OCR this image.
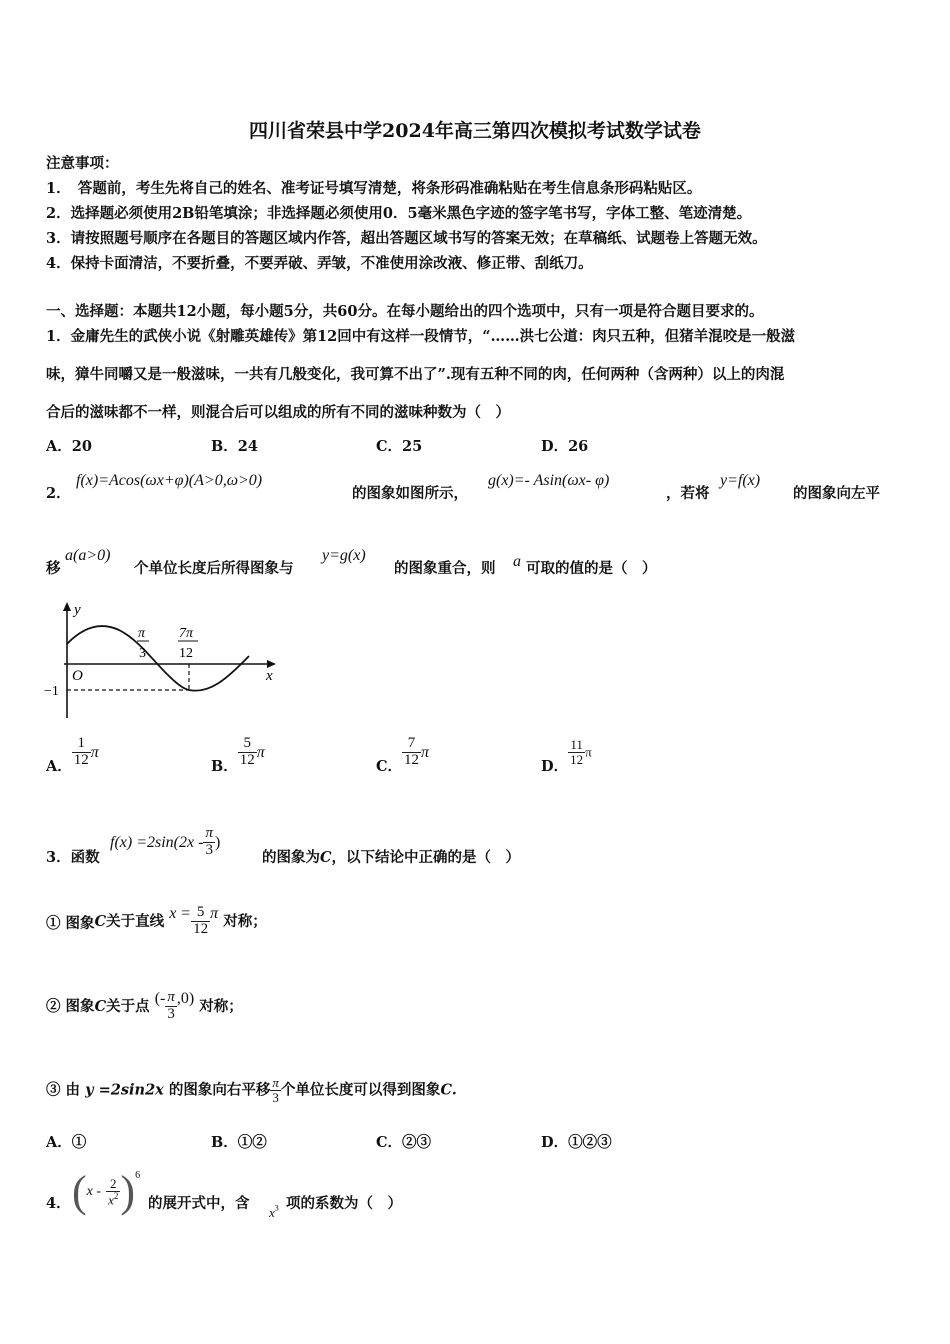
四川省荣县中学2024年高三第四次模拟考试数学试卷
注意事项：
1．　答题前，考生先将自己的姓名、准考证号填写清楚，将条形码准确粘贴在考生信息条形码粘贴区。
2．选择题必须使用2B铅笔填涂；非选择题必须使用0．5毫米黑色字迹的签字笔书写，字体工整、笔迹清楚。
3．请按照题号顺序在各题目的答题区域内作答，超出答题区域书写的答案无效；在草稿纸、试题卷上答题无效。
4．保持卡面清洁，不要折叠，不要弄破、弄皱，不准使用涂改液、修正带、刮纸刀。
一、选择题：本题共12小题，每小题5分，共60分。在每小题给出的四个选项中，只有一项是符合题目要求的。
1．金庸先生的武侠小说《射雕英雄传》第12回中有这样一段情节，“……洪七公道：肉只五种，但猪羊混咬是一般滋
味，獐牛同嚼又是一般滋味，一共有几般变化，我可算不出了”.现有五种不同的肉，任何两种（含两种）以上的肉混
合后的滋味都不一样，则混合后可以组成的所有不同的滋味种数为（　）
A．20	B．24	C．25	D．26
2．
f(x)=Acos(ωx+φ)(A>0,ω>0)
的图象如图所示，
g(x)=- Asin(ωx- φ)
，若将
y=f(x)
的图象向左平
移
a(a>0)
个单位长度后所得图象与
y=g(x)
的图象重合，则 a 可取的值的是（　）
y
x
O
π
3
7π
12
−1
A． $\frac{1}{12}$ π
B． $\frac{5}{12}$ π
C． $\frac{7}{12}$ π
D． $\frac{11}{12}$ π
3．函数
$f(x) =2\sin(2x - \frac{\pi}{3}$ )
的图象为C，以下结论中正确的是（　）
① 图象C关于直线 $x = \frac{5}{12}$ π 对称；
② 图象C关于点 (- $\frac{\pi}{3} ,0$) 对称；
③ 由 y =2sin2x 的图象向右平移 $\frac{\pi}{3}$ 个单位长度可以得到图象C.
A．①	B．①②	C．②③	D．①②③
4． $(x - \frac{2}{x^2} )^6$
的展开式中，含
$x^3$ 项的系数为（　）
